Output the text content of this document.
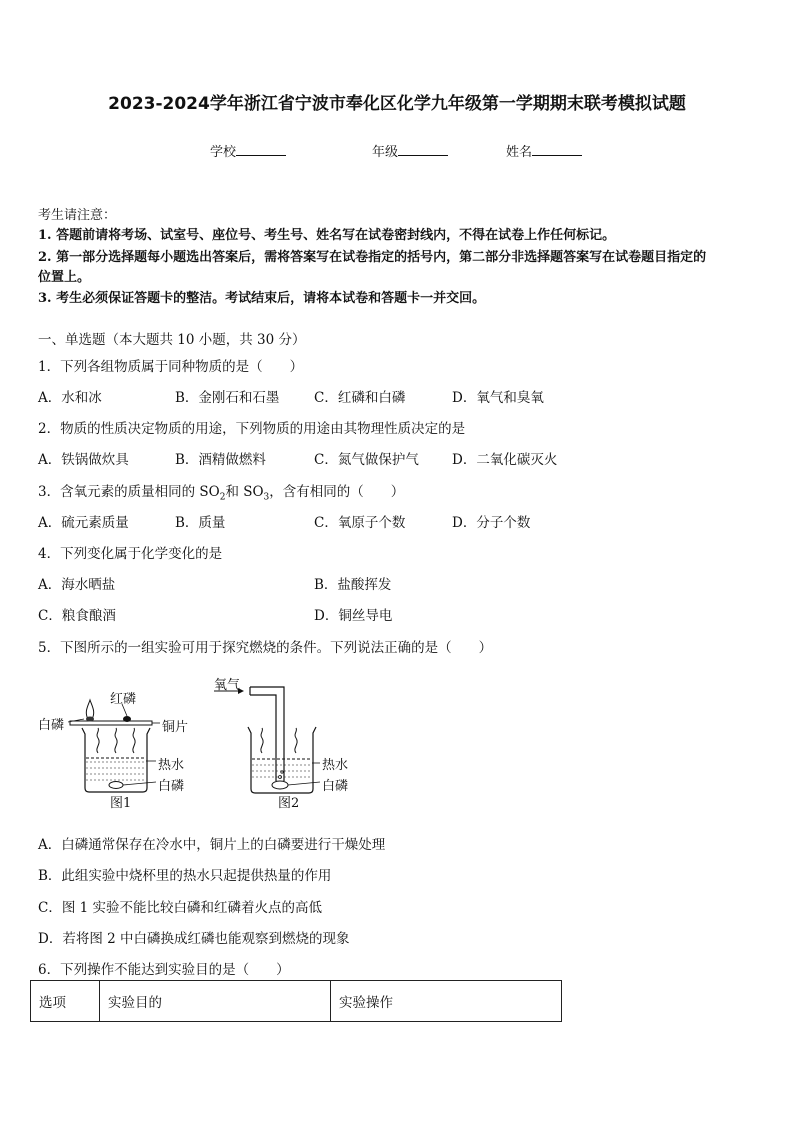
2023-2024学年浙江省宁波市奉化区化学九年级第一学期期末联考模拟试题
学校	年级	姓名
考生请注意：
1. 答题前请将考场、试室号、座位号、考生号、姓名写在试卷密封线内，不得在试卷上作任何标记。
2. 第一部分选择题每小题选出答案后，需将答案写在试卷指定的括号内，第二部分非选择题答案写在试卷题目指定的
位置上。
3. 考生必须保证答题卡的整洁。考试结束后，请将本试卷和答题卡一并交回。
一、单选题（本大题共 10 小题，共 30 分）
1．下列各组物质属于同种物质的是（　　）
A．水和冰	B．金刚石和石墨	C．红磷和白磷	D．氧气和臭氧
2．物质的性质决定物质的用途，下列物质的用途由其物理性质决定的是
A．铁锅做炊具	B．酒精做燃料	C．氮气做保护气 D．二氧化碳灭火
3．含氧元素的质量相同的 $SO_2$和 $SO_3$，含有相同的（　　）
A．硫元素质量	B．质量	C．氧原子个数	D．分子个数
4．下列变化属于化学变化的是
A．海水晒盐	B．盐酸挥发
C．粮食酿酒	D．铜丝导电
5．下图所示的一组实验可用于探究燃烧的条件。下列说法正确的是（　　）
红磷
白磷	铜片
热水
白磷
图1
氧气
热水
白磷
图2
A．白磷通常保存在冷水中，铜片上的白磷要进行干燥处理
B．此组实验中烧杯里的热水只起提供热量的作用
C．图 1 实验不能比较白磷和红磷着火点的高低
D．若将图 2 中白磷换成红磷也能观察到燃烧的现象
6．下列操作不能达到实验目的是（　　）
选项	实验目的	实验操作
